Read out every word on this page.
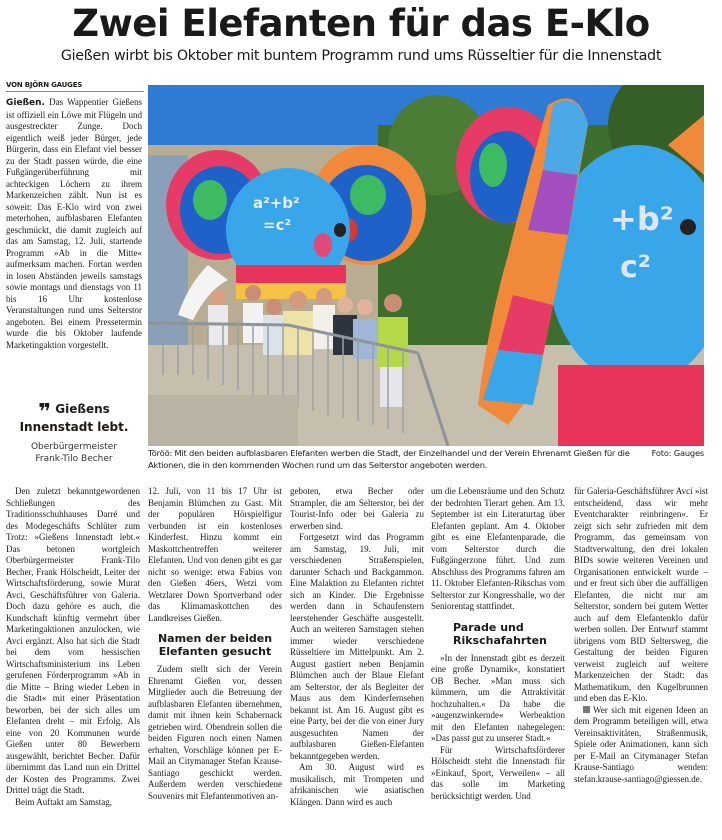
Zwei Elefanten für das E-Klo
Gießen wirbt bis Oktober mit buntem Programm rund ums Rüsseltier für die Innenstadt
VON BJÖRN GAUGES
Gießen. Das Wappentier Gießens ist offiziell ein Löwe mit Flügeln und ausgestreckter Zunge. Doch eigentlich weiß jeder Bürger, jede Bürgerin, dass ein Elefant viel besser zu der Stadt passen würde, die eine Fußgängerüberführung mit achteckigen Löchern zu ihrem Markenzeichen zählt. Nun ist es soweit: Das E-Klo wird von zwei meterhohen, aufblasbaren Elefanten geschmückt, die damit zugleich auf das am Samstag, 12. Juli, startende Programm »Ab in die Mitte« aufmerksam machen. Fortan werden in losen Abständen jeweils samstags sowie montags und dienstags von 11 bis 16 Uhr kostenlose Veranstaltungen rund ums Selterstor angeboten. Bei einem Pressetermin wurde die bis Oktober laufende Marketingaktion vorgestellt.
❞ Gießens Innenstadt lebt.
Oberbürgermeister
Frank-Tilo Becher
a²+b²
=c²	+b²
c²
Foto: Gauges
Töröö: Mit den beiden aufblasbaren Elefanten werben die Stadt, der Einzelhandel und der Verein Ehrenamt Gießen für die Aktionen, die in den kommenden Wochen rund um das Selterstor angeboten werden.

Den zuletzt bekanntgewordenen Schließungen des Traditionsschuhhauses Darré und des Modegeschäfts Schlüter zum Trotz: »Gießens Innenstadt lebt.« Das betonen wortgleich Oberbürgermeister Frank-Tilo Becher, Frank Hölscheidt, Leiter der Wirtschaftsförderung, sowie Murat Avci, Geschäftsführer von Galeria. Doch dazu gehöre es auch, die Kundschaft künftig vermehrt über Marketingaktionen anzulocken, wie Avci ergänzt. Also hat sich die Stadt bei dem vom hessischen Wirtschaftsministerium ins Leben gerufenen Förderprogramm »Ab in die Mitte – Bring wieder Leben in die Stadt« mit einer Präsentation beworben, bei der sich alles um Elefanten dreht – mit Erfolg. Als eine von 20 Kommunen wurde Gießen unter 80 Bewerbern ausgewählt, berichtet Becher. Dafür übernimmt das Land nun ein Drittel der Kosten des Programms. Zwei Drittel trägt die Stadt.

Beim Auftakt am Samstag,

12. Juli, von 11 bis 17 Uhr ist Benjamin Blümchen zu Gast. Mit der populären Hörspielfigur verbunden ist ein kostenloses Kinderfest. Hinzu kommt ein Maskottchentreffen weiterer Elefanten. Und von denen gibt es gar nicht so wenige: etwa Fabius von den Gießen 46ers, Wetzi vom Wetzlarer Down Sportverband oder das Klimamaskottchen des Landkreises Gießen.

Namen der beiden Elefanten gesucht

Zudem stellt sich der Verein Ehrenamt Gießen vor, dessen Mitglieder auch die Betreuung der aufblasbaren Elefanten übernehmen, damit mit ihnen kein Schabernack getrieben wird. Obendrein sollen die beiden Figuren noch einen Namen erhalten, Vorschläge können per E-Mail an Citymanager Stefan Krause-Santiago geschickt werden. Außerdem werden verschiedene Souvenirs mit Elefantenmotiven an-

geboten, etwa Becher oder Strampler, die am Selterstor, bei der Tourist-Info oder bei Galeria zu erwerben sind.

Fortgesetzt wird das Programm am Samstag, 19. Juli, mit verschiedenen Straßenspielen, darunter Schach und Backgammon. Eine Malaktion zu Elefanten richtet sich an Kinder. Die Ergebnisse werden dann in Schaufenstern leerstehender Geschäfte ausgestellt. Auch an weiteren Samstagen stehen immer wieder verschiedene Rüsseltiere im Mittelpunkt. Am 2. August gastiert neben Benjamin Blümchen auch der Blaue Elefant am Selterstor, der als Begleiter der Maus aus dem Kinderfernsehen bekannt ist. Am 16. August gibt es eine Party, bei der die von einer Jury ausgesuchten Namen der aufblasbaren Gießen-Elefanten bekanntgegeben werden.

Am 30. August wird es musikalisch, mit Trompeten und afrikanischen wie asiatischen Klängen. Dann wird es auch

um die Lebensräume und den Schutz der bedrohten Tierart gehen. Am 13. September ist ein Literaturtag über Elefanten geplant. Am 4. Oktober gibt es eine Elefantenparade, die vom Selterstor durch die Fußgängerzone führt. Und zum Abschluss des Programms fahren am 11. Oktober Elefanten-Rikschas vom Selterstor zur Kongresshalle, wo der Seniorentag stattfindet.

Parade und Rikschafahrten

»In der Innenstadt gibt es derzeit eine große Dynamik«, konstatiert OB Becher. »Man muss sich kümmern, um die Attraktivität hochzuhalten.« Da habe die »augenzwinkernde« Werbeaktion mit den Elefanten nahegelegen: »Das passt gut zu unserer Stadt.«

Für Wirtschaftsförderer Hölscheidt steht die Innenstadt für »Einkauf, Sport, Verweilen« – all das solle im Marketing berücksichtigt werden. Und

für Galeria-Geschäftsführer Avci »ist entscheidend, dass wir mehr Eventcharakter reinbringen«. Er zeigt sich sehr zufrieden mit dem Programm, das gemeinsam von Stadtverwaltung, den drei lokalen BIDs sowie weiteren Vereinen und Organisationen entwickelt wurde – und er freut sich über die auffälligen Elefanten, die nicht nur am Selterstor, sondern bei gutem Wetter auch auf dem Elefantenklo dafür werben sollen. Der Entwurf stammt übrigens vom BID Seltersweg, die Gestaltung der beiden Figuren verweist zugleich auf weitere Markenzeichen der Stadt: das Mathematikum, den Kugelbrunnen und eben das E-Klo.

Wer sich mit eigenen Ideen an dem Programm beteiligen will, etwa Vereinsaktivitäten, Straßenmusik, Spiele oder Animationen, kann sich per E-Mail an Citymanager Stefan Krause-Santiago wenden: stefan.krause-santiago@giessen.de.
